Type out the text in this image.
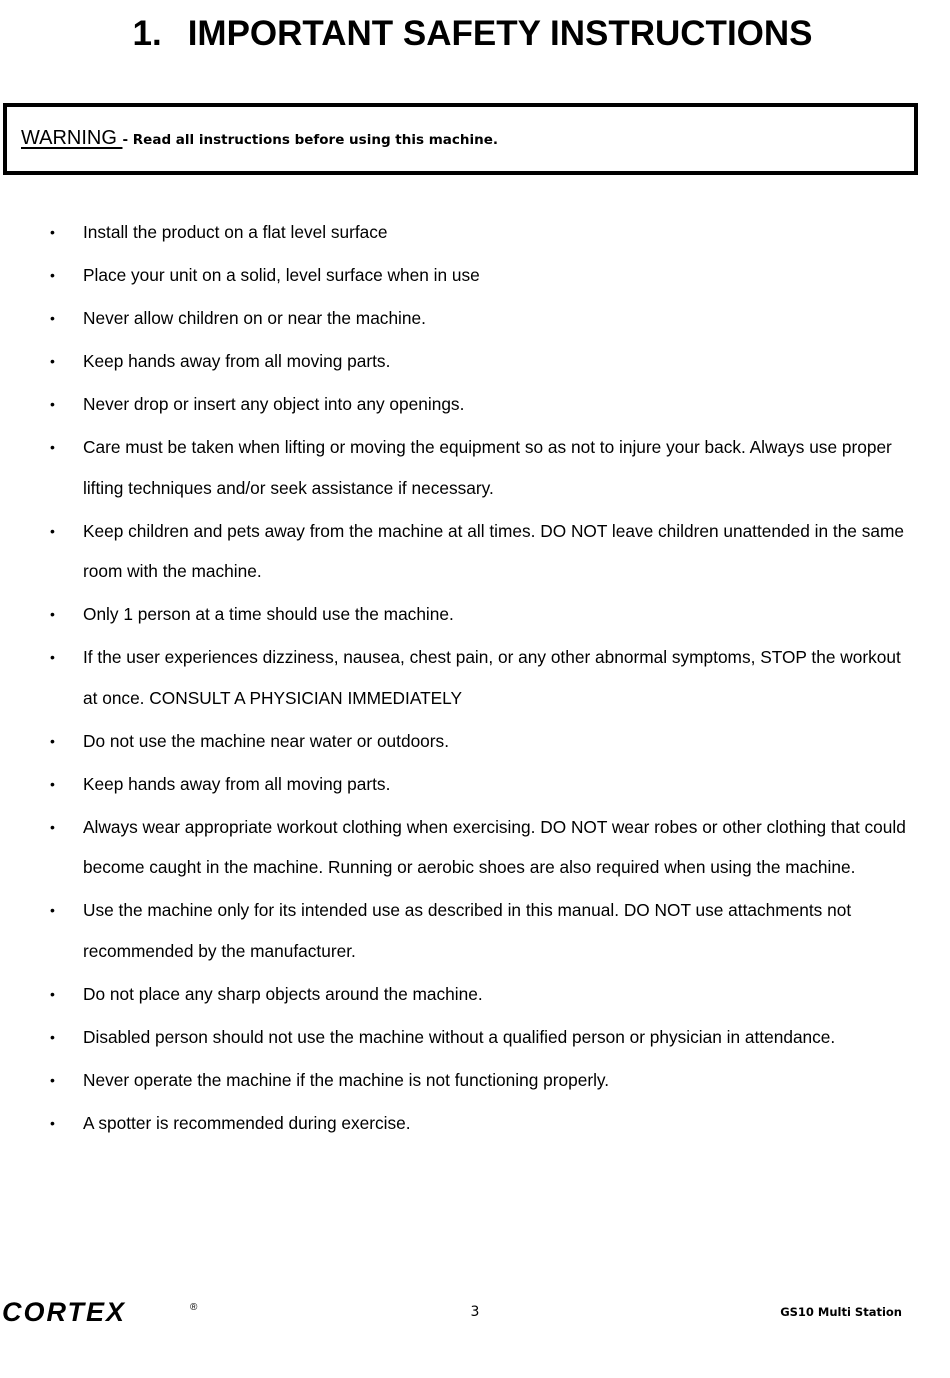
1. IMPORTANT SAFETY INSTRUCTIONS
WARNING - Read all instructions before using this machine.
• Install the product on a flat level surface
• Place your unit on a solid, level surface when in use
• Never allow children on or near the machine.
• Keep hands away from all moving parts.
• Never drop or insert any object into any openings.
• Care must be taken when lifting or moving the equipment so as not to injure your back. Always use proper lifting techniques and/or seek assistance if necessary.
• Keep children and pets away from the machine at all times. DO NOT leave children unattended in the same room with the machine.
• Only 1 person at a time should use the machine.
• If the user experiences dizziness, nausea, chest pain, or any other abnormal symptoms, STOP the workout at once. CONSULT A PHYSICIAN IMMEDIATELY
• Do not use the machine near water or outdoors.
• Keep hands away from all moving parts.
• Always wear appropriate workout clothing when exercising. DO NOT wear robes or other clothing that could become caught in the machine. Running or aerobic shoes are also required when using the machine.
• Use the machine only for its intended use as described in this manual. DO NOT use attachments not recommended by the manufacturer.
• Do not place any sharp objects around the machine.
• Disabled person should not use the machine without a qualified person or physician in attendance.
• Never operate the machine if the machine is not functioning properly.
• A spotter is recommended during exercise.
CORTEX	®	3	GS10 Multi Station
